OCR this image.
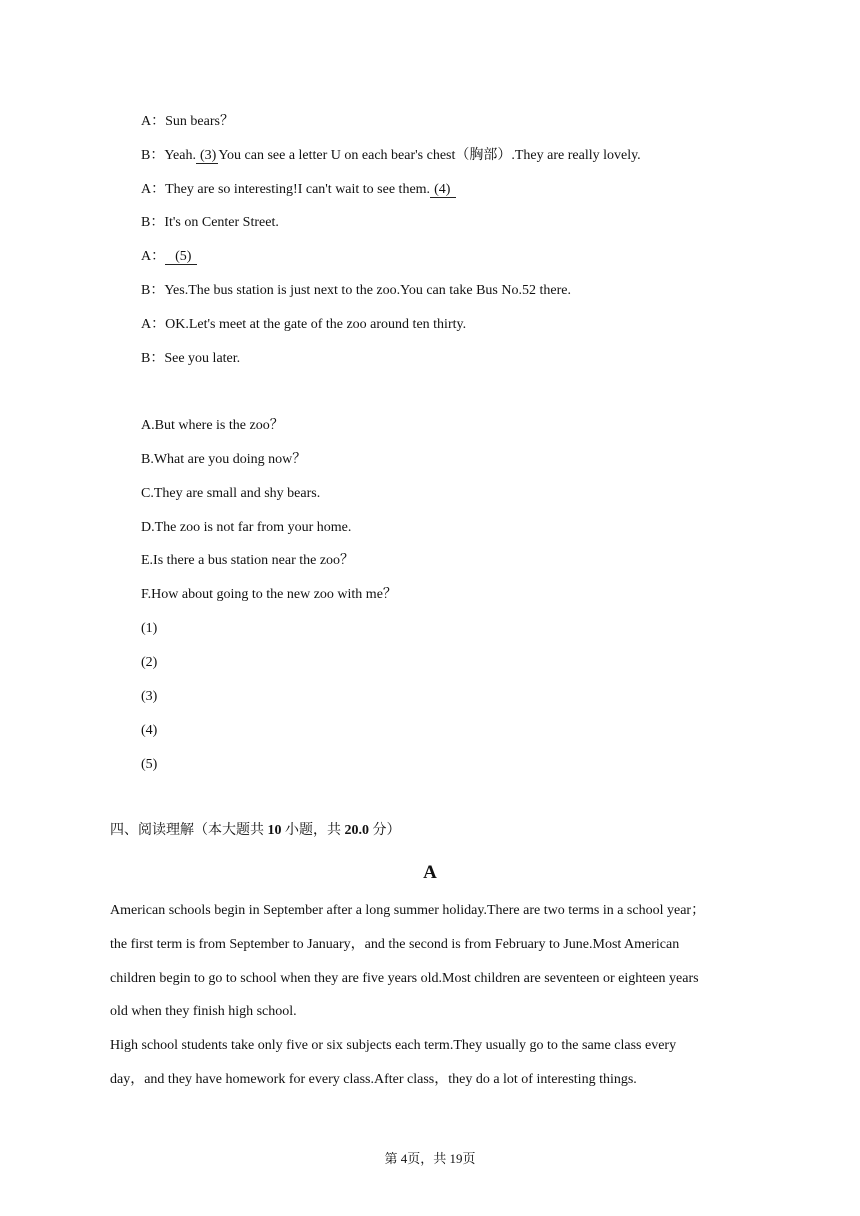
A：Sun bears？
B：Yeah. (3) You can see a letter U on each bear's chest（胸部）.They are really lovely.
A：They are so interesting!I can't wait to see them. (4)
B：It's on Center Street.
A： (5)
B：Yes.The bus station is just next to the zoo.You can take Bus No.52 there.
A：OK.Let's meet at the gate of the zoo around ten thirty.
B：See you later.
A.But where is the zoo？
B.What are you doing now？
C.They are small and shy bears.
D.The zoo is not far from your home.
E.Is there a bus station near the zoo？
F.How about going to the new zoo with me？
(1)
(2)
(3)
(4)
(5)
四、阅读理解（本大题共 10 小题，共 20.0 分）
A
American schools begin in September after a long summer holiday.There are two terms in a school year；
the first term is from September to January，and the second is from February to June.Most American
children begin to go to school when they are five years old.Most children are seventeen or eighteen years
old when they finish high school.
High school students take only five or six subjects each term.They usually go to the same class every
day，and they have homework for every class.After class，they do a lot of interesting things.
第 4页，共 19页
